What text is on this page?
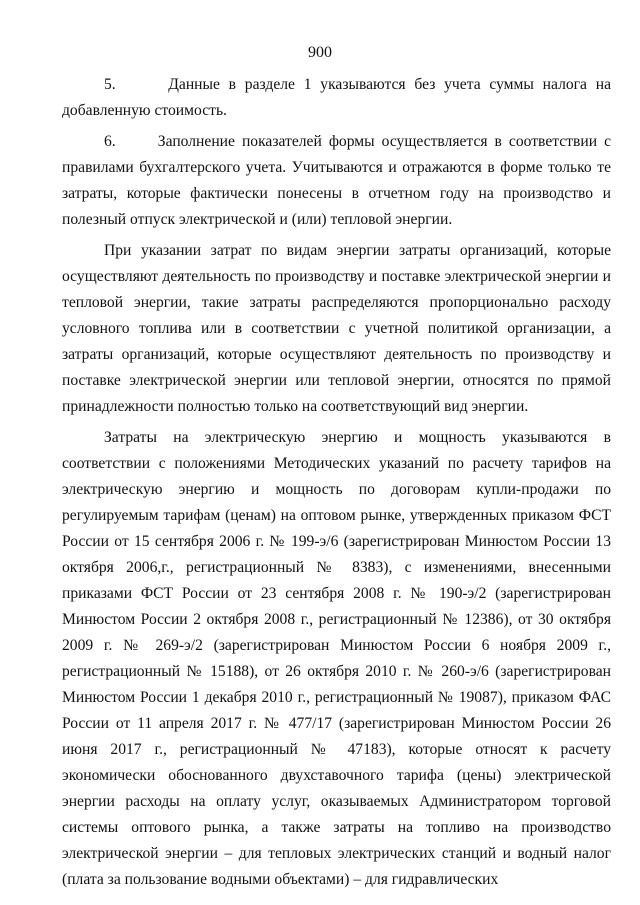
900

5.      Данные в разделе 1 указываются без учета суммы налога на добавленную стоимость.

6.      Заполнение показателей формы осуществляется в соответствии с правилами бухгалтерского учета. Учитываются и отражаются в форме только те затраты, которые фактически понесены в отчетном году на производство и полезный отпуск электрической и (или) тепловой энергии.

При указании затрат по видам энергии затраты организаций, которые осуществляют деятельность по производству и поставке электрической энергии и тепловой энергии, такие затраты распределяются пропорционально расходу условного топлива или в соответствии с учетной политикой организации, а затраты организаций, которые осуществляют деятельность по производству и поставке электрической энергии или тепловой энергии, относятся по прямой принадлежности полностью только на соответствующий вид энергии.

Затраты на электрическую энергию и мощность указываются в соответствии с положениями Методических указаний по расчету тарифов на электрическую энергию и мощность по договорам купли-продажи по регулируемым тарифам (ценам) на оптовом рынке, утвержденных приказом ФСТ России от 15 сентября 2006 г. № 199-э/6 (зарегистрирован Минюстом России 13 октября 2006,г., регистрационный № 8383), с изменениями, внесенными приказами ФСТ России от 23 сентября 2008 г. № 190-э/2 (зарегистрирован Минюстом России 2 октября 2008 г., регистрационный № 12386), от 30 октября 2009 г. № 269-э/2 (зарегистрирован Минюстом России 6 ноября 2009 г., регистрационный № 15188), от 26 октября 2010 г. № 260-э/6 (зарегистрирован Минюстом России 1 декабря 2010 г., регистрационный № 19087), приказом ФАС России от 11 апреля 2017 г. № 477/17 (зарегистрирован Минюстом России 26 июня 2017 г., регистрационный № 47183), которые относят к расчету экономически обоснованного двухставочного тарифа (цены) электрической энергии расходы на оплату услуг, оказываемых Администратором торговой системы оптового рынка, а также затраты на топливо на производство электрической энергии – для тепловых электрических станций и водный налог (плата за пользование водными объектами) – для гидравлических
